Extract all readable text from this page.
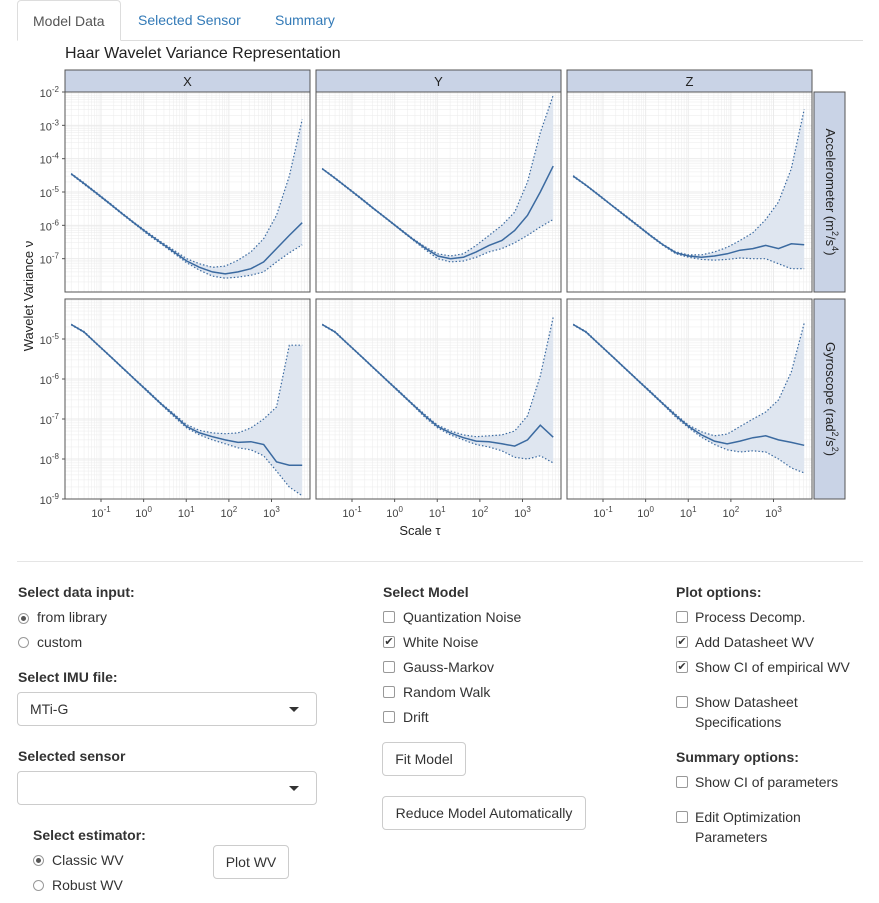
Model Data	Selected Sensor	Summary
Haar Wavelet Variance Representation
X	Y	Z
Accelerometer $(m^2/s^4)$
Gyroscope $(rad^2/s^2)$
$10^{-2}$
$10^{-3}$
$10^{-4}$
$10^{-5}$
$10^{-6}$
$10^{-7}$
$10^{-5}$
$10^{-6}$
$10^{-7}$
$10^{-8}$
$10^{-9}$
$10^{-1}$ $10^0$ $10^1$ $10^2$ $10^3$	$10^{-1}$ $10^0$ $10^1$ $10^2$ $10^3$	$10^{-1}$ $10^0$ $10^1$ $10^2$ $10^3$
Scale τ
Wavelet Variance ν
Select data input:
from library
custom
Select IMU file:
MTi-G
Selected sensor
Select estimator:
Classic WV
Robust WV
Plot WV
Select Model
Quantization Noise
✔ White Noise
Gauss-Markov
Random Walk
Drift
Fit Model
Reduce Model Automatically
Plot options:
Process Decomp.
✔ Add Datasheet WV
✔ Show CI of empirical WV
Show Datasheet
Specifications
Summary options:
Show CI of parameters
Edit Optimization
Parameters
